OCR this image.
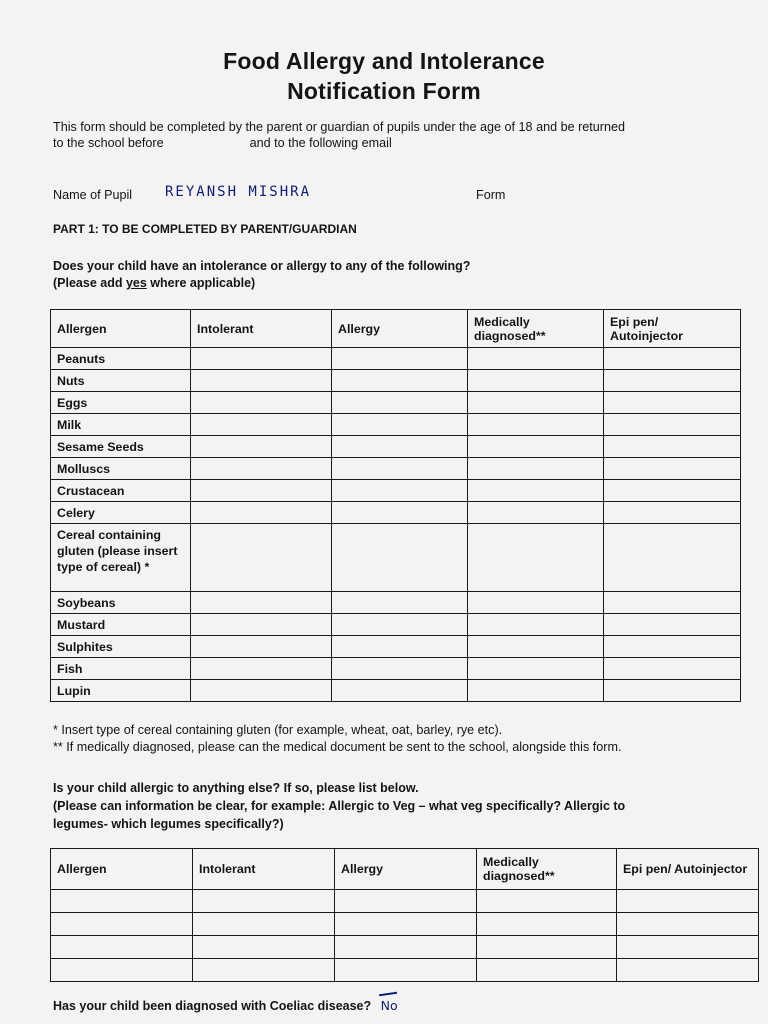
Food Allergy and Intolerance
Notification Form
This form should be completed by the parent or guardian of pupils under the age of 18 and be returned
to the school before	and to the following email
Name of Pupil REYANSH MISHRA	Form
PART 1: TO BE COMPLETED BY PARENT/GUARDIAN
Does your child have an intolerance or allergy to any of the following?
(Please add yes where applicable)
Allergen	Intolerant	Allergy	Medically diagnosed**	Epi pen/ Autoinjector
Peanuts				
Nuts				
Eggs				
Milk				
Sesame Seeds				
Molluscs				
Crustacean				
Celery				
Cereal containing gluten (please insert type of cereal) *				
Soybeans				
Mustard				
Sulphites				
Fish				
Lupin				
* Insert type of cereal containing gluten (for example, wheat, oat, barley, rye etc).
** If medically diagnosed, please can the medical document be sent to the school, alongside this form.
Is your child allergic to anything else? If so, please list below.
(Please can information be clear, for example: Allergic to Veg – what veg specifically? Allergic to
legumes- which legumes specifically?)
Allergen	Intolerant	Allergy	Medically diagnosed**	Epi pen/ Autoinjector

Has your child been diagnosed with Coeliac disease? No
